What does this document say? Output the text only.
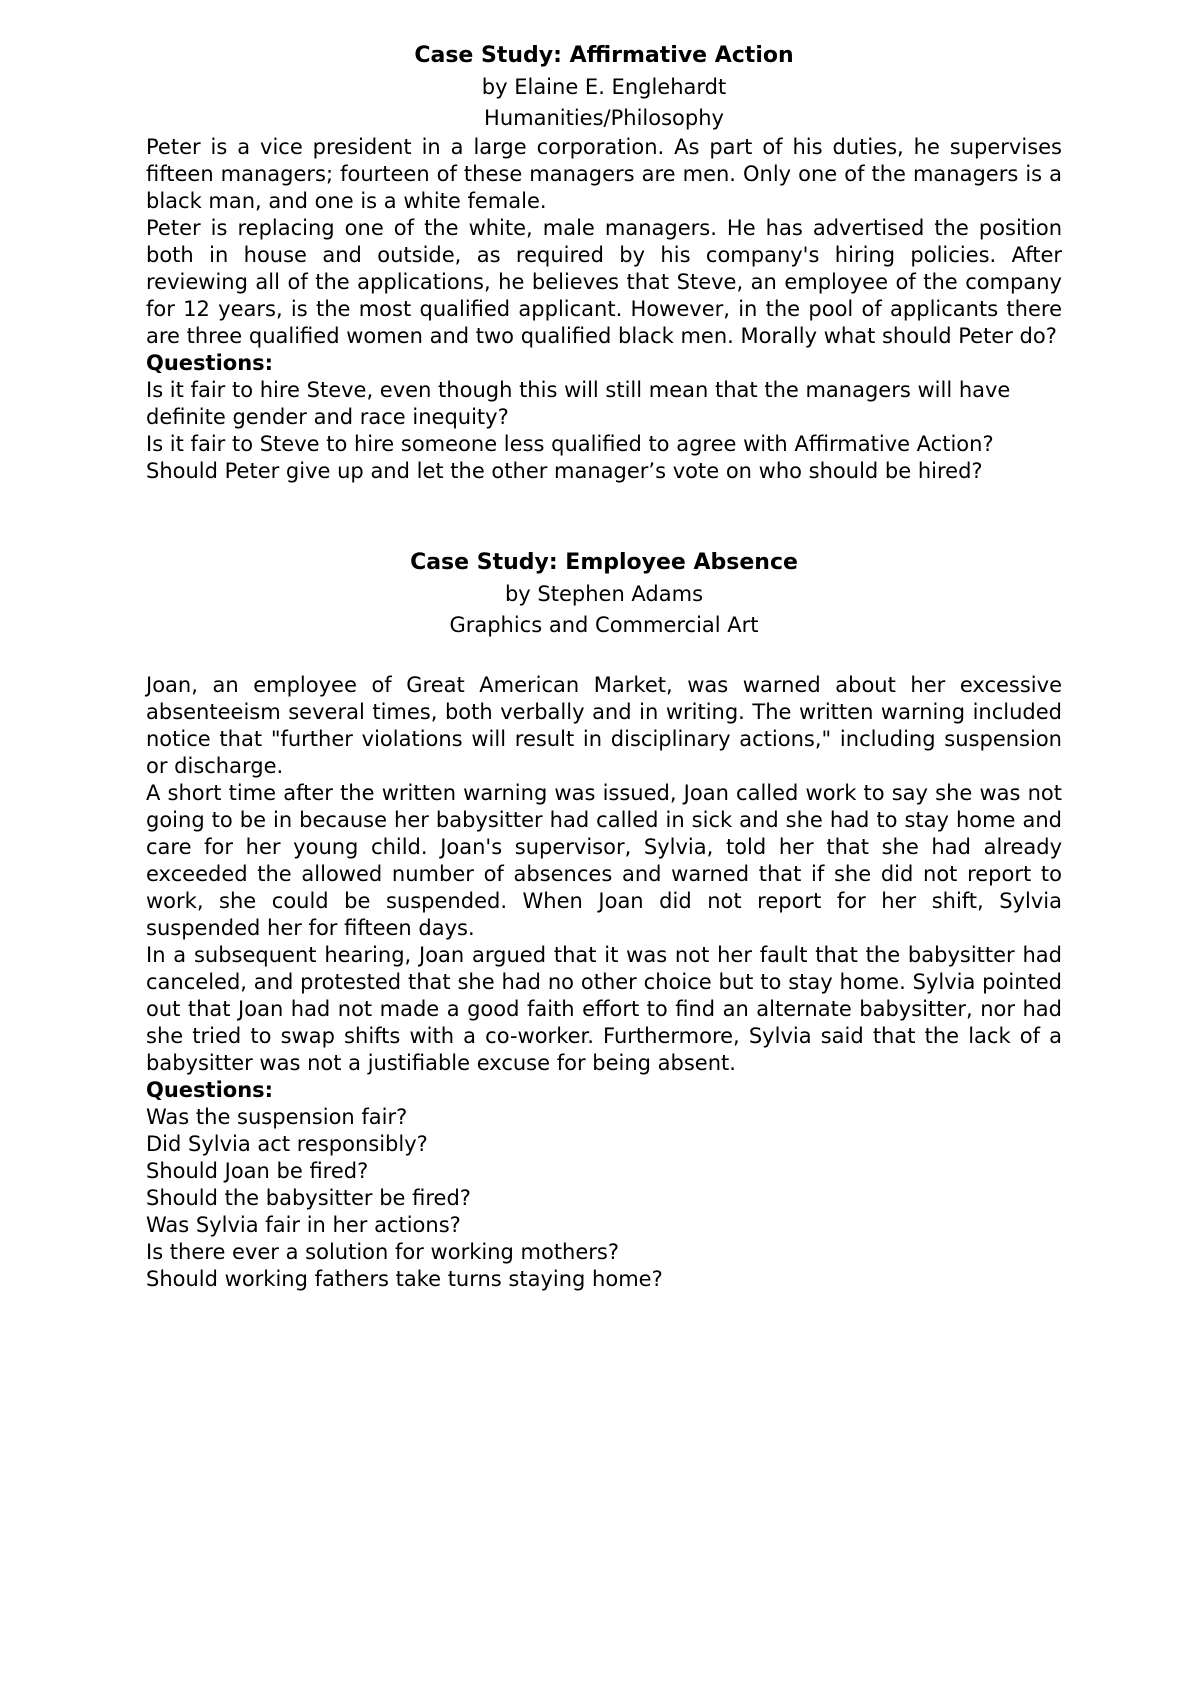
Case Study: Affirmative Action

by Elaine E. Englehardt

Humanities/Philosophy

Peter is a vice president in a large corporation. As part of his duties, he supervises fifteen managers; fourteen of these managers are men. Only one of the managers is a black man, and one is a white female.

Peter is replacing one of the white, male managers. He has advertised the position both in house and outside, as required by his company's hiring policies. After reviewing all of the applications, he believes that Steve, an employee of the company for 12 years, is the most qualified applicant. However, in the pool of applicants there are three qualified women and two qualified black men. Morally what should Peter do?

Questions:

Is it fair to hire Steve, even though this will still mean that the managers will have definite gender and race inequity?

Is it fair to Steve to hire someone less qualified to agree with Affirmative Action?

Should Peter give up and let the other manager’s vote on who should be hired?

Case Study: Employee Absence

by Stephen Adams

Graphics and Commercial Art

Joan, an employee of Great American Market, was warned about her excessive absenteeism several times, both verbally and in writing. The written warning included notice that "further violations will result in disciplinary actions," including suspension or discharge.

A short time after the written warning was issued, Joan called work to say she was not going to be in because her babysitter had called in sick and she had to stay home and care for her young child. Joan's supervisor, Sylvia, told her that she had already exceeded the allowed number of absences and warned that if she did not report to work, she could be suspended. When Joan did not report for her shift, Sylvia suspended her for fifteen days.

In a subsequent hearing, Joan argued that it was not her fault that the babysitter had canceled, and protested that she had no other choice but to stay home. Sylvia pointed out that Joan had not made a good faith effort to find an alternate babysitter, nor had she tried to swap shifts with a co-worker. Furthermore, Sylvia said that the lack of a babysitter was not a justifiable excuse for being absent.

Questions:

Was the suspension fair?

Did Sylvia act responsibly?

Should Joan be fired?

Should the babysitter be fired?

Was Sylvia fair in her actions?

Is there ever a solution for working mothers?

Should working fathers take turns staying home?
